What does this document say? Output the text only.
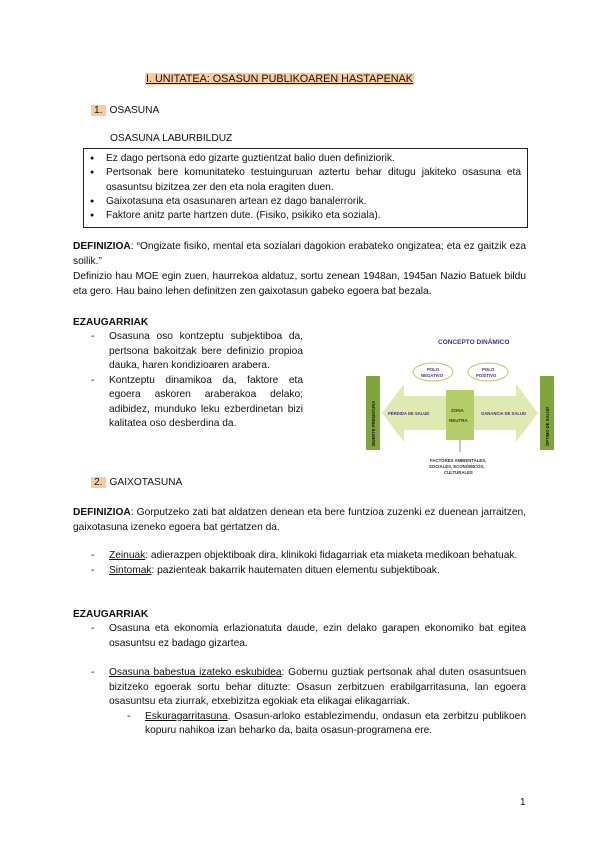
I. UNITATEA: OSASUN PUBLIKOAREN HASTAPENAK
1. OSASUNA
OSASUNA LABURBILDUZ
● Ez dago pertsona edo gizarte guztientzat balio duen definiziorik.
● Pertsonak bere komunitateko testuinguruan aztertu behar ditugu jakiteko osasuna eta osasuntsu bizitzea zer den eta nola eragiten duen.
● Gaixotasuna eta osasunaren artean ez dago banalerrorik.
● Faktore anitz parte hartzen dute. (Fisiko, psikiko eta soziala).
DEFINIZIOA: “Ongizate fisiko, mental eta sozialari dagokion erabateko ongizatea; eta ez gaitzik eza soilik.”
Definizio hau MOE egin zuen, haurrekoa aldatuz, sortu zenean 1948an, 1945an Nazio Batuek bildu eta gero. Hau baino lehen definitzen zen gaixotasun gabeko egoera bat bezala.
EZAUGARRIAK
- Osasuna oso kontzeptu subjektiboa da, pertsona bakoitzak bere definizio propioa dauka, haren kondizioaren arabera.
- Kontzeptu dinamikoa da, faktore eta egoera askoren araberakoa delako; adibidez, munduko leku ezberdinetan bizi kalitatea oso desberdina da.
CONCEPTO DINÁMICO
MUERTE PREMATURA	ÓPTIMO DE SALUD
ZONA
NEUTRA
POLO
NEGATIVO
POLO
POSITIVO
PÉRDIDA DE SALUD	GANANCIA DE SALUD
FACTORES AMBIENTALES,
SOCIALES, ECONÓMICOS,
CULTURALES
2. GAIXOTASUNA
DEFINIZIOA: Gorputzeko zati bat aldatzen denean eta bere funtzioa zuzenki ez duenean jarraitzen, gaixotasuna izeneko egoera bat gertatzen da.
- Zeinuak: adierazpen objektiboak dira, klinikoki fidagarriak eta miaketa medikoan behatuak.
- Sintomak: pazienteak bakarrik hautematen dituen elementu subjektiboak.
EZAUGARRIAK
- Osasuna eta ekonomia erlazionatuta daude, ezin delako garapen ekonomiko bat egitea osasuntsu ez badago gizartea.
- Osasuna babestua izateko eskubidea: Gobernu guztiak pertsonak ahal duten osasuntsuen bizitzeko egoerak sortu behar dituzte: Osasun zerbitzuen erabilgarritasuna, lan egoera osasuntsu eta ziurrak, etxebizitza egokiak eta elikagai elikagarriak.
- Eskuragarritasuna. Osasun-arloko establezimendu, ondasun eta zerbitzu publikoen kopuru nahikoa izan beharko da, baita osasun-programena ere.
1
